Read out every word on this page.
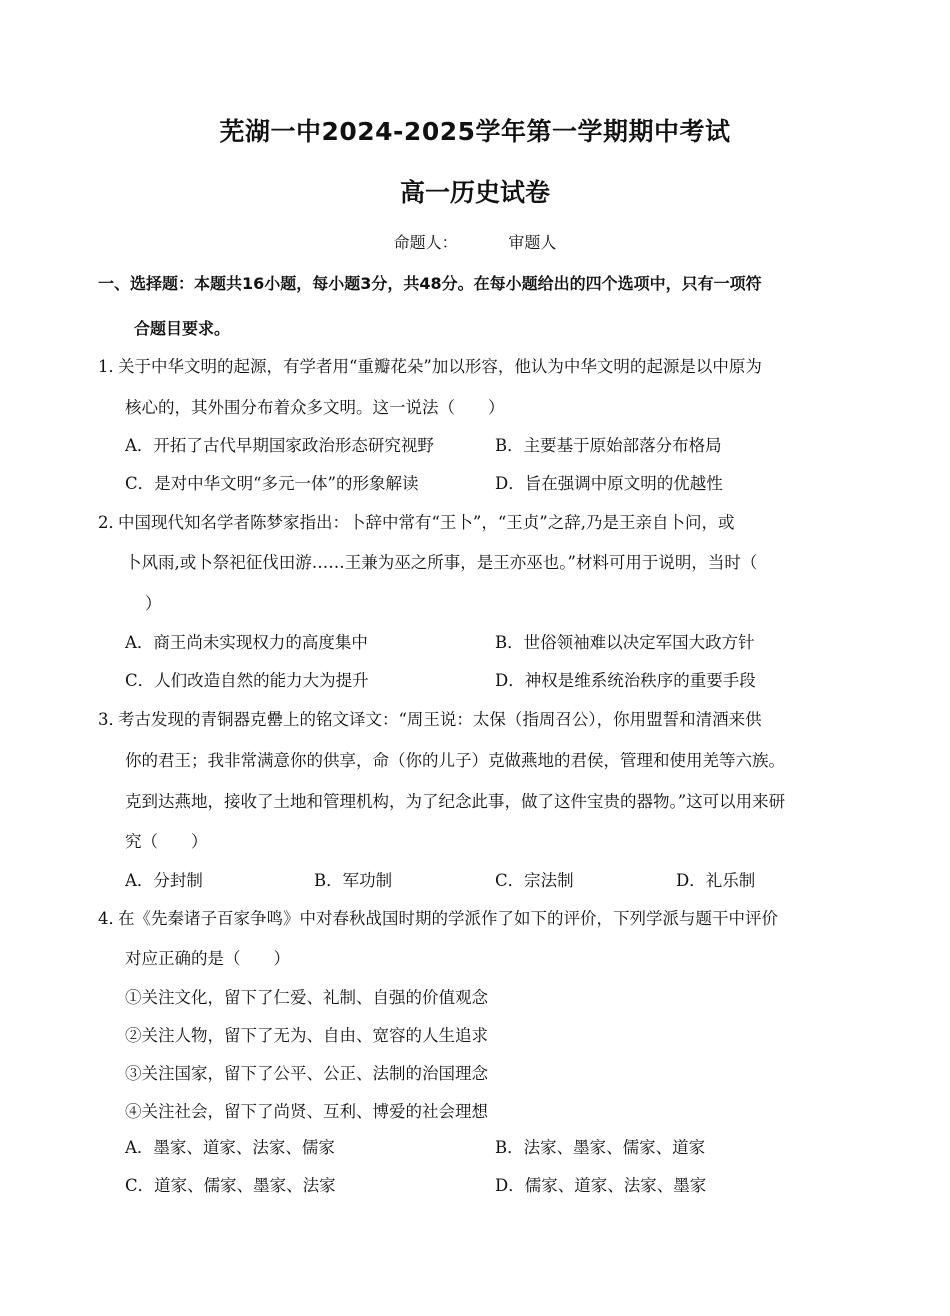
芜湖一中2024-2025学年第一学期期中考试
高一历史试卷
命题人：          审题人
一、选择题：本题共16小题，每小题3分，共48分。在每小题给出的四个选项中，只有一项符
合题目要求。
1．关于中华文明的起源，有学者用“重瓣花朵”加以形容，他认为中华文明的起源是以中原为
核心的，其外围分布着众多文明。这一说法（　　）
A．开拓了古代早期国家政治形态研究视野	B．主要基于原始部落分布格局
C．是对中华文明“多元一体”的形象解读	D．旨在强调中原文明的优越性
2．中国现代知名学者陈梦家指出：卜辞中常有“王卜”，“王贞”之辞,乃是王亲自卜问，或
卜风雨,或卜祭祀征伐田游……王兼为巫之所事，是王亦巫也。”材料可用于说明，当时（
）
A．商王尚未实现权力的高度集中	B．世俗领袖难以决定军国大政方针
C．人们改造自然的能力大为提升	D．神权是维系统治秩序的重要手段
3．考古发现的青铜器克罍上的铭文译文：“周王说：太保（指周召公），你用盟誓和清酒来供
你的君王；我非常满意你的供享，命（你的儿子）克做燕地的君侯，管理和使用羌等六族。
克到达燕地，接收了土地和管理机构，为了纪念此事，做了这件宝贵的器物。”这可以用来研
究（　　）
A．分封制	B．军功制	C．宗法制	D．礼乐制
4．在《先秦诸子百家争鸣》中对春秋战国时期的学派作了如下的评价，下列学派与题干中评价
对应正确的是（　　）
①关注文化，留下了仁爱、礼制、自强的价值观念
②关注人物，留下了无为、自由、宽容的人生追求
③关注国家，留下了公平、公正、法制的治国理念
④关注社会，留下了尚贤、互利、博爱的社会理想
A．墨家、道家、法家、儒家	B．法家、墨家、儒家、道家
C．道家、儒家、墨家、法家	D．儒家、道家、法家、墨家
